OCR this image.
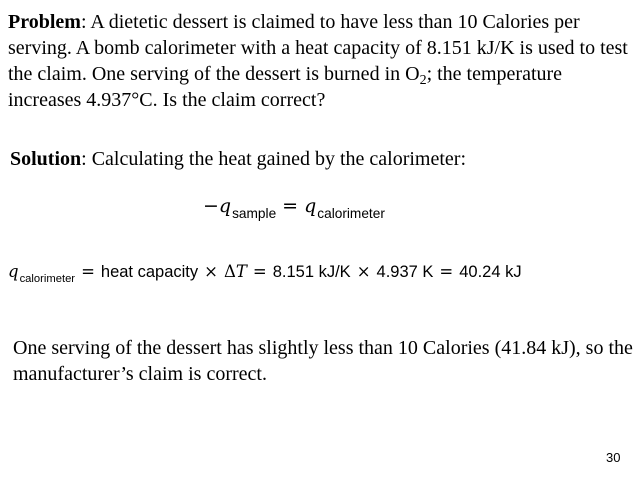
Problem: A dietetic dessert is claimed to have less than 10 Calories per serving. A bomb calorimeter with a heat capacity of 8.151 kJ/K is used to test the claim. One serving of the dessert is burned in $O_2$; the temperature increases 4.937°C. Is the claim correct?

Solution: Calculating the heat gained by the calorimeter:

$-q_{sample} = q_{calorimeter}$
$q_{calorimeter}$ = heat capacity × ΔT = 8.151 kJ/K × 4.937 K = 40.24 kJ

One serving of the dessert has slightly less than 10 Calories (41.84 kJ), so the manufacturer’s claim is correct.

30
